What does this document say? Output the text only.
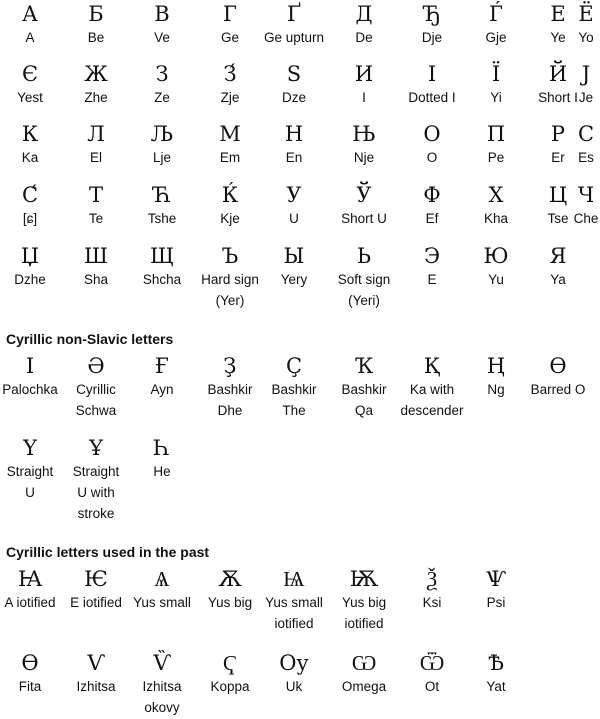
А
A
Б
Be
В
Ve
Г
Ge
Ґ
Ge upturn
Д
De
Ђ
Dje
Ѓ
Gje
Е
Ye
Ё
Yo
Є
Yest
Ж
Zhe
З
Ze
З́
Zje
Ѕ
Dze
И
I
І
Dotted I
Ї
Yi
Й
Short I
Ј
Je
К
Ka
Л
El
Љ
Lje
М
Em
Н
En
Њ
Nje
О
O
П
Pe
Р
Er
С
Es
С́
[ɕ]
Т
Te
Ћ
Tshe
Ќ
Kje
У
U
Ў
Short U
Ф
Ef
Х
Kha
Ц
Tse
Ч
Che
Џ
Dzhe
Ш
Sha
Щ
Shcha
Ъ
Hard sign
(Yer)
Ы
Yery
Ь
Soft sign
(Yeri)
Э
E
Ю
Yu
Я
Ya
Cyrillic non-Slavic letters
Ӏ
Palochka
Ә
Cyrillic
Schwa
Ғ
Ayn
Ҙ
Bashkir
Dhe
Ҫ
Bashkir
The
Ҡ
Bashkir
Qa
Қ
Ka with
descender
Ң
Ng
Ө
Barred O
Ү
Straight
U
Ұ
Straight
U with
stroke
Һ
He
Cyrillic letters used in the past
Ꙗ
A iotified
Ѥ
E iotified
Ѧ
Yus small
Ѫ
Yus big
Ѩ
Yus small
iotified
Ѭ
Yus big
iotified
Ѯ
Ksi
Ѱ
Psi
Ѳ
Fita
Ѵ
Izhitsa
Ѷ
Izhitsa
okovy
Ҁ
Koppa
Оу
Uk
Ѡ
Omega
Ѿ
Ot
Ѣ
Yat
